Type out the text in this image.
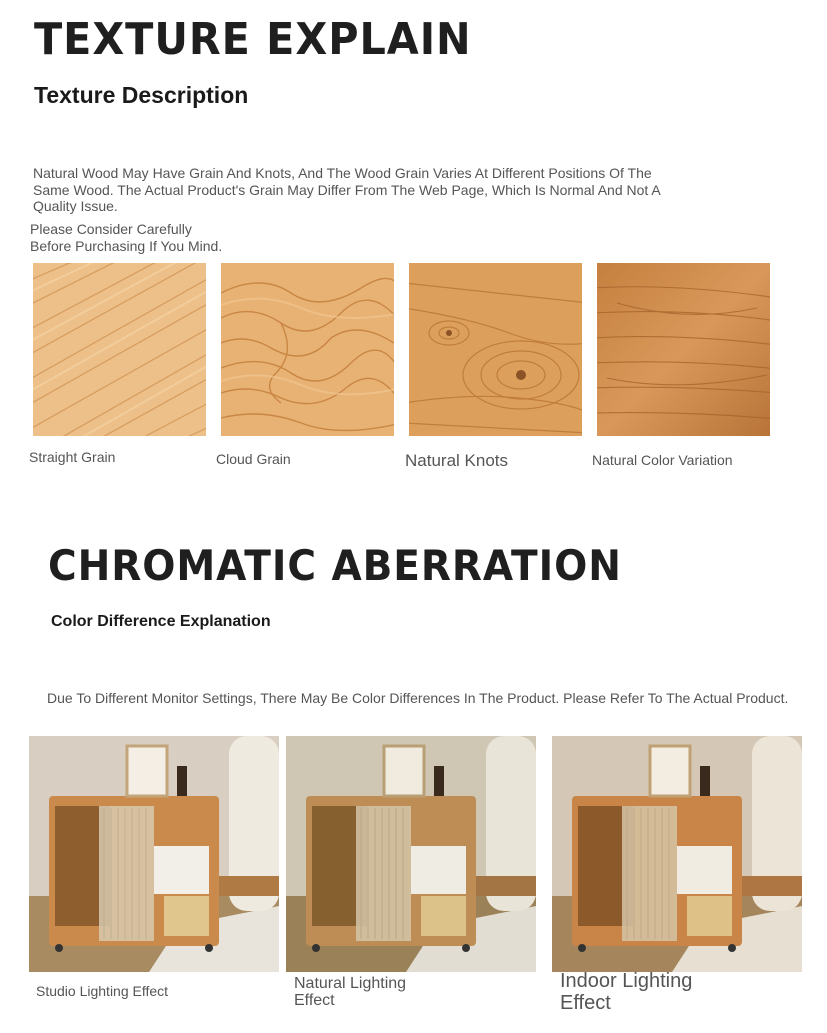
TEXTURE EXPLAIN
Texture Description
Natural Wood May Have Grain And Knots, And The Wood Grain Varies At Different Positions Of The Same Wood. The Actual Product's Grain May Differ From The Web Page, Which Is Normal And Not A Quality Issue.
Please Consider Carefully
Before Purchasing If You Mind.
Straight Grain	Cloud Grain	Natural Knots	Natural Color Variation
CHROMATIC ABERRATION
Color Difference Explanation
Due To Different Monitor Settings, There May Be Color Differences In The Product. Please Refer To The Actual Product.
Studio Lighting Effect	Natural Lighting
Effect
Indoor Lighting
Effect
